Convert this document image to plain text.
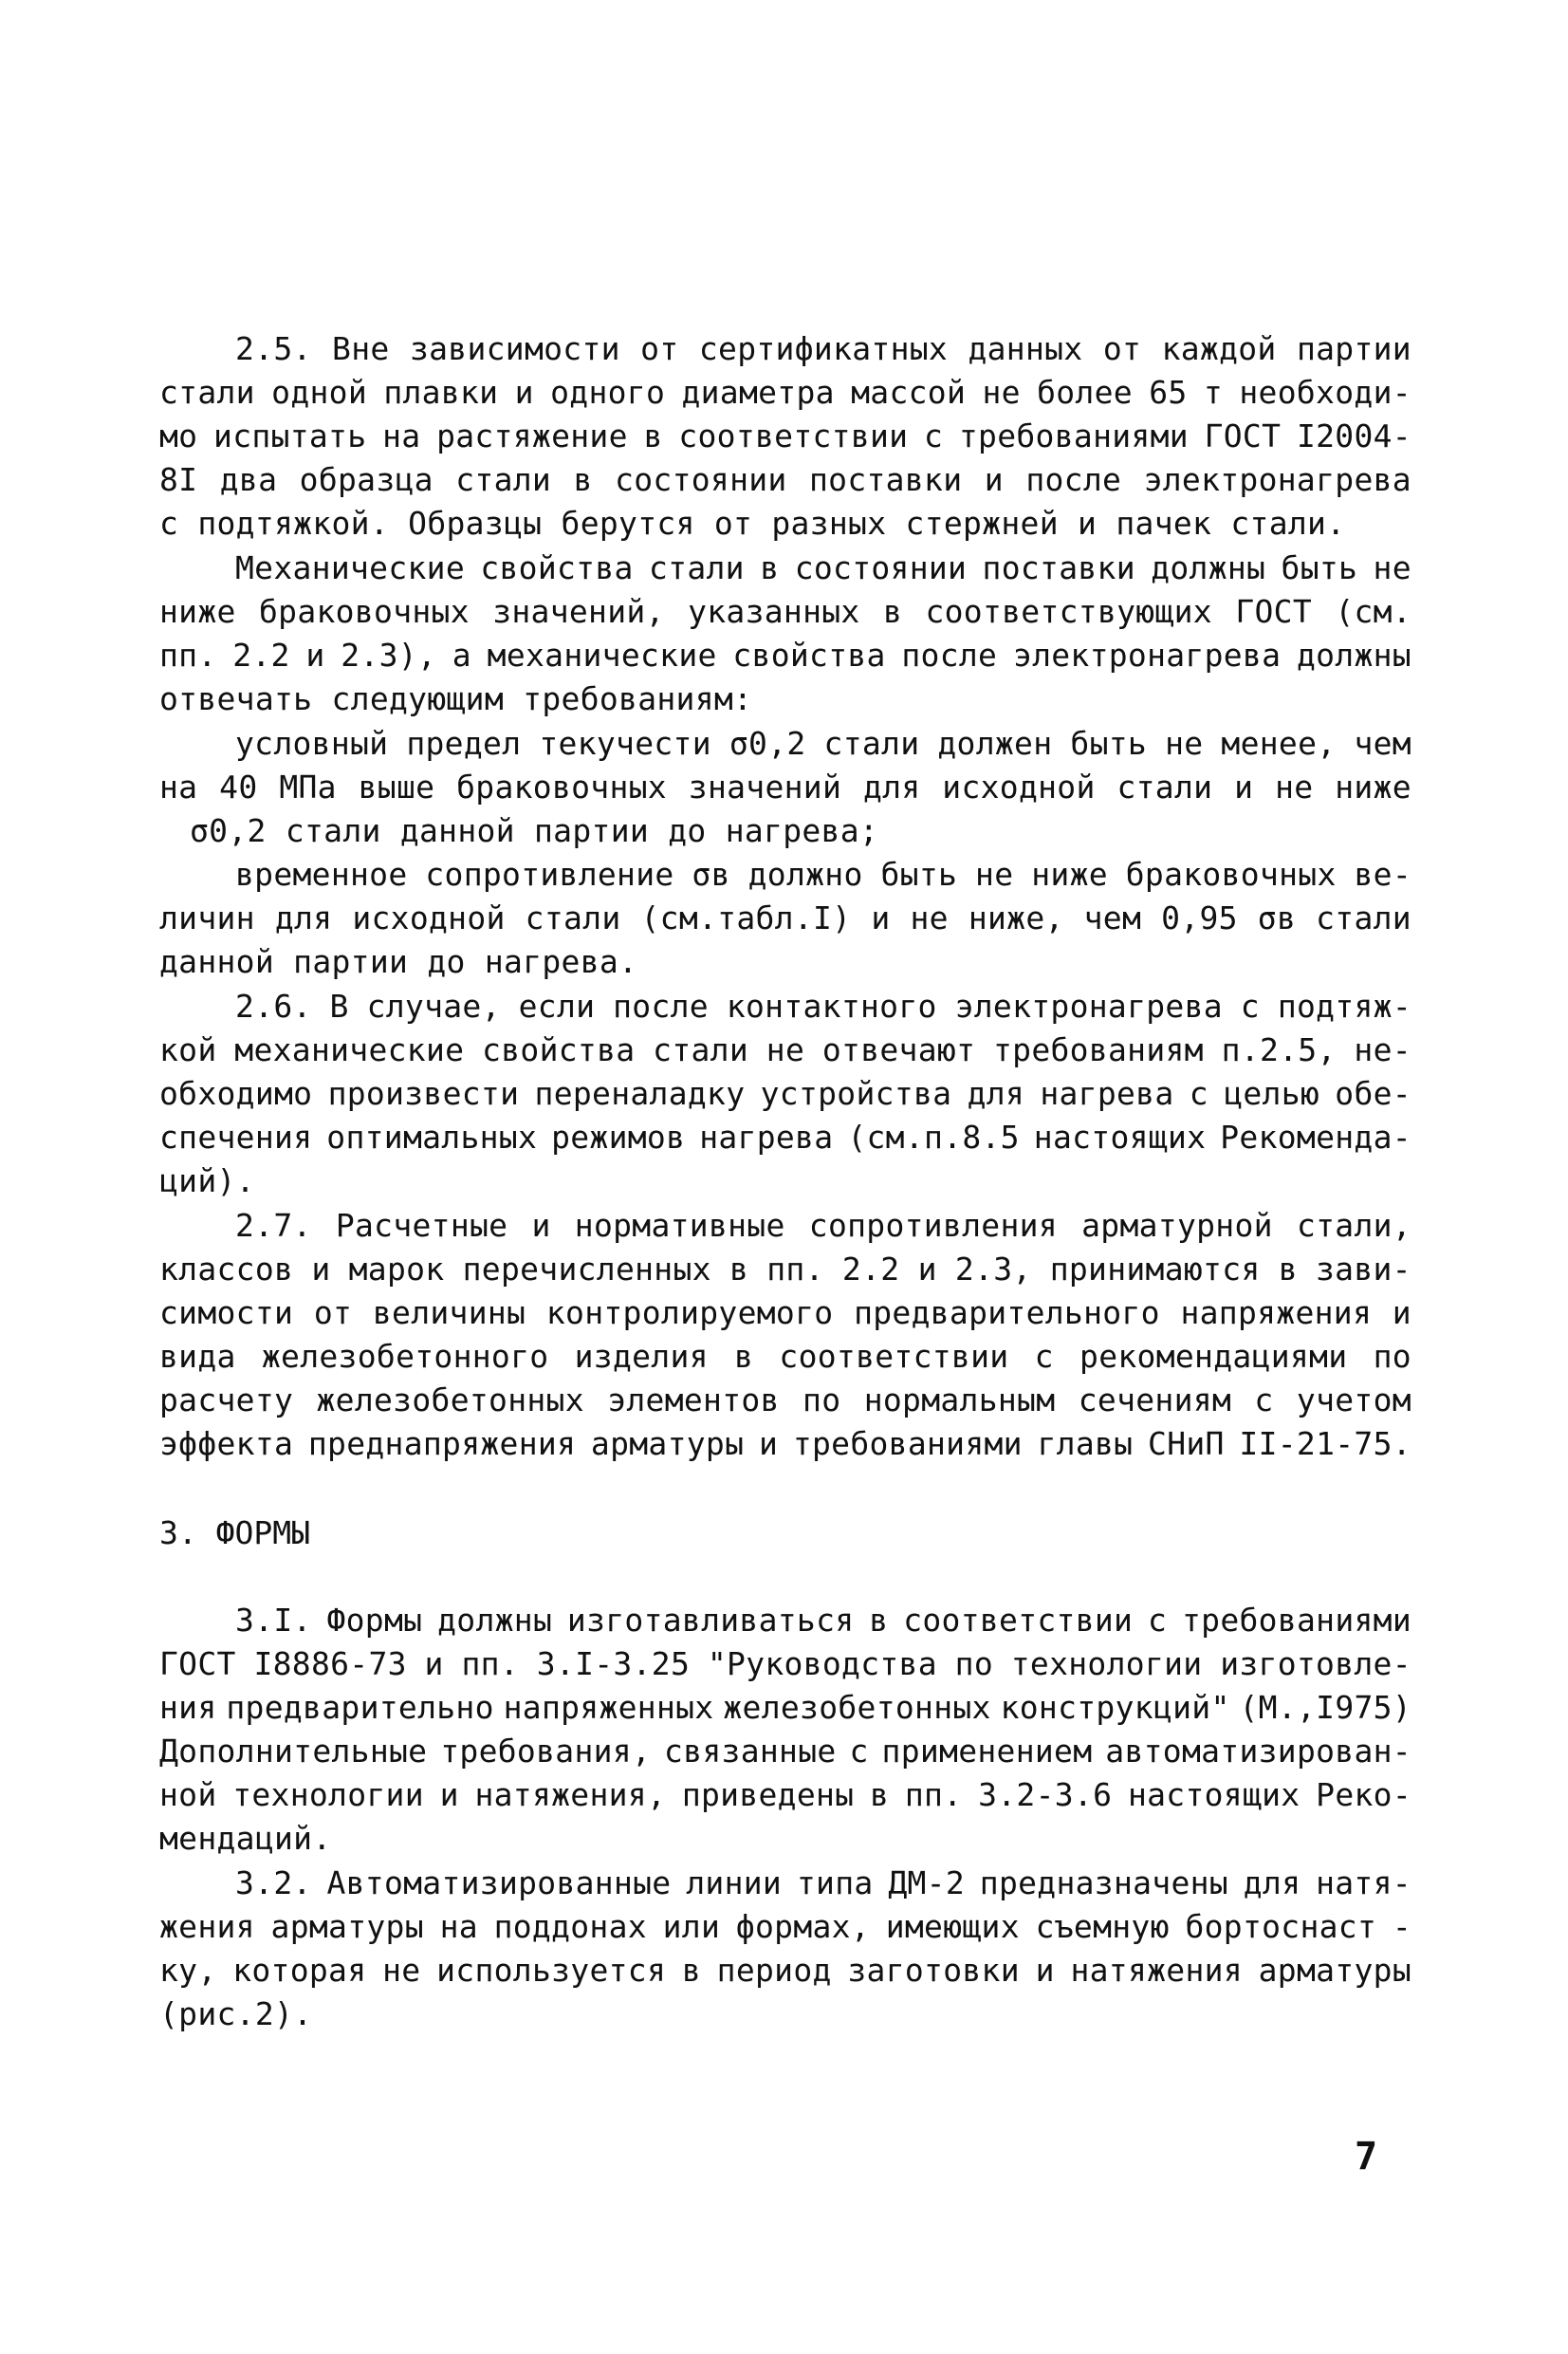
2.5. Вне зависимости от сертификатных данных от каждой партии
стали одной плавки и одного диаметра массой не более 65 т необходи-
мо испытать на растяжение в соответствии с требованиями ГОСТ I2004-
8I два образца стали в состоянии поставки и после электронагрева
с подтяжкой. Образцы берутся от разных стержней и пачек стали.
Механические свойства стали в состоянии поставки должны быть не
ниже браковочных значений, указанных в соответствующих ГОСТ (см.
пп. 2.2 и 2.3), а механические свойства после электронагрева должны
отвечать следующим требованиям:
условный предел текучести σ0,2 стали должен быть не менее, чем
на 40 МПа выше браковочных значений для исходной стали и не ниже
σ0,2 стали данной партии до нагрева;
временное сопротивление σв должно быть не ниже браковочных ве-
личин для исходной стали (см.табл.I) и не ниже, чем 0,95 σв стали
данной партии до нагрева.
2.6. В случае, если после контактного электронагрева с подтяж-
кой механические свойства стали не отвечают требованиям п.2.5, не-
обходимо произвести переналадку устройства для нагрева с целью обе-
спечения оптимальных режимов нагрева (см.п.8.5 настоящих Рекоменда-
ций).
2.7. Расчетные и нормативные сопротивления арматурной стали,
классов и марок перечисленных в пп. 2.2 и 2.3, принимаются в зави-
симости от величины контролируемого предварительного напряжения и
вида железобетонного изделия в соответствии с рекомендациями по
расчету железобетонных элементов по нормальным сечениям с учетом
эффекта преднапряжения арматуры и требованиями главы СНиП II-21-75.
3. ФОРМЫ
3.I. Формы должны изготавливаться в соответствии с требованиями
ГОСТ I8886-73 и пп. 3.I-3.25 "Руководства по технологии изготовле-
ния предварительно напряженных железобетонных конструкций" (М.,I975)
Дополнительные требования, связанные с применением автоматизирован-
ной технологии и натяжения, приведены в пп. 3.2-3.6 настоящих Реко-
мендаций.
3.2. Автоматизированные линии типа ДМ-2 предназначены для натя-
жения арматуры на поддонах или формах, имеющих съемную бортоснаст -
ку, которая не используется в период заготовки и натяжения арматуры
(рис.2).
7
